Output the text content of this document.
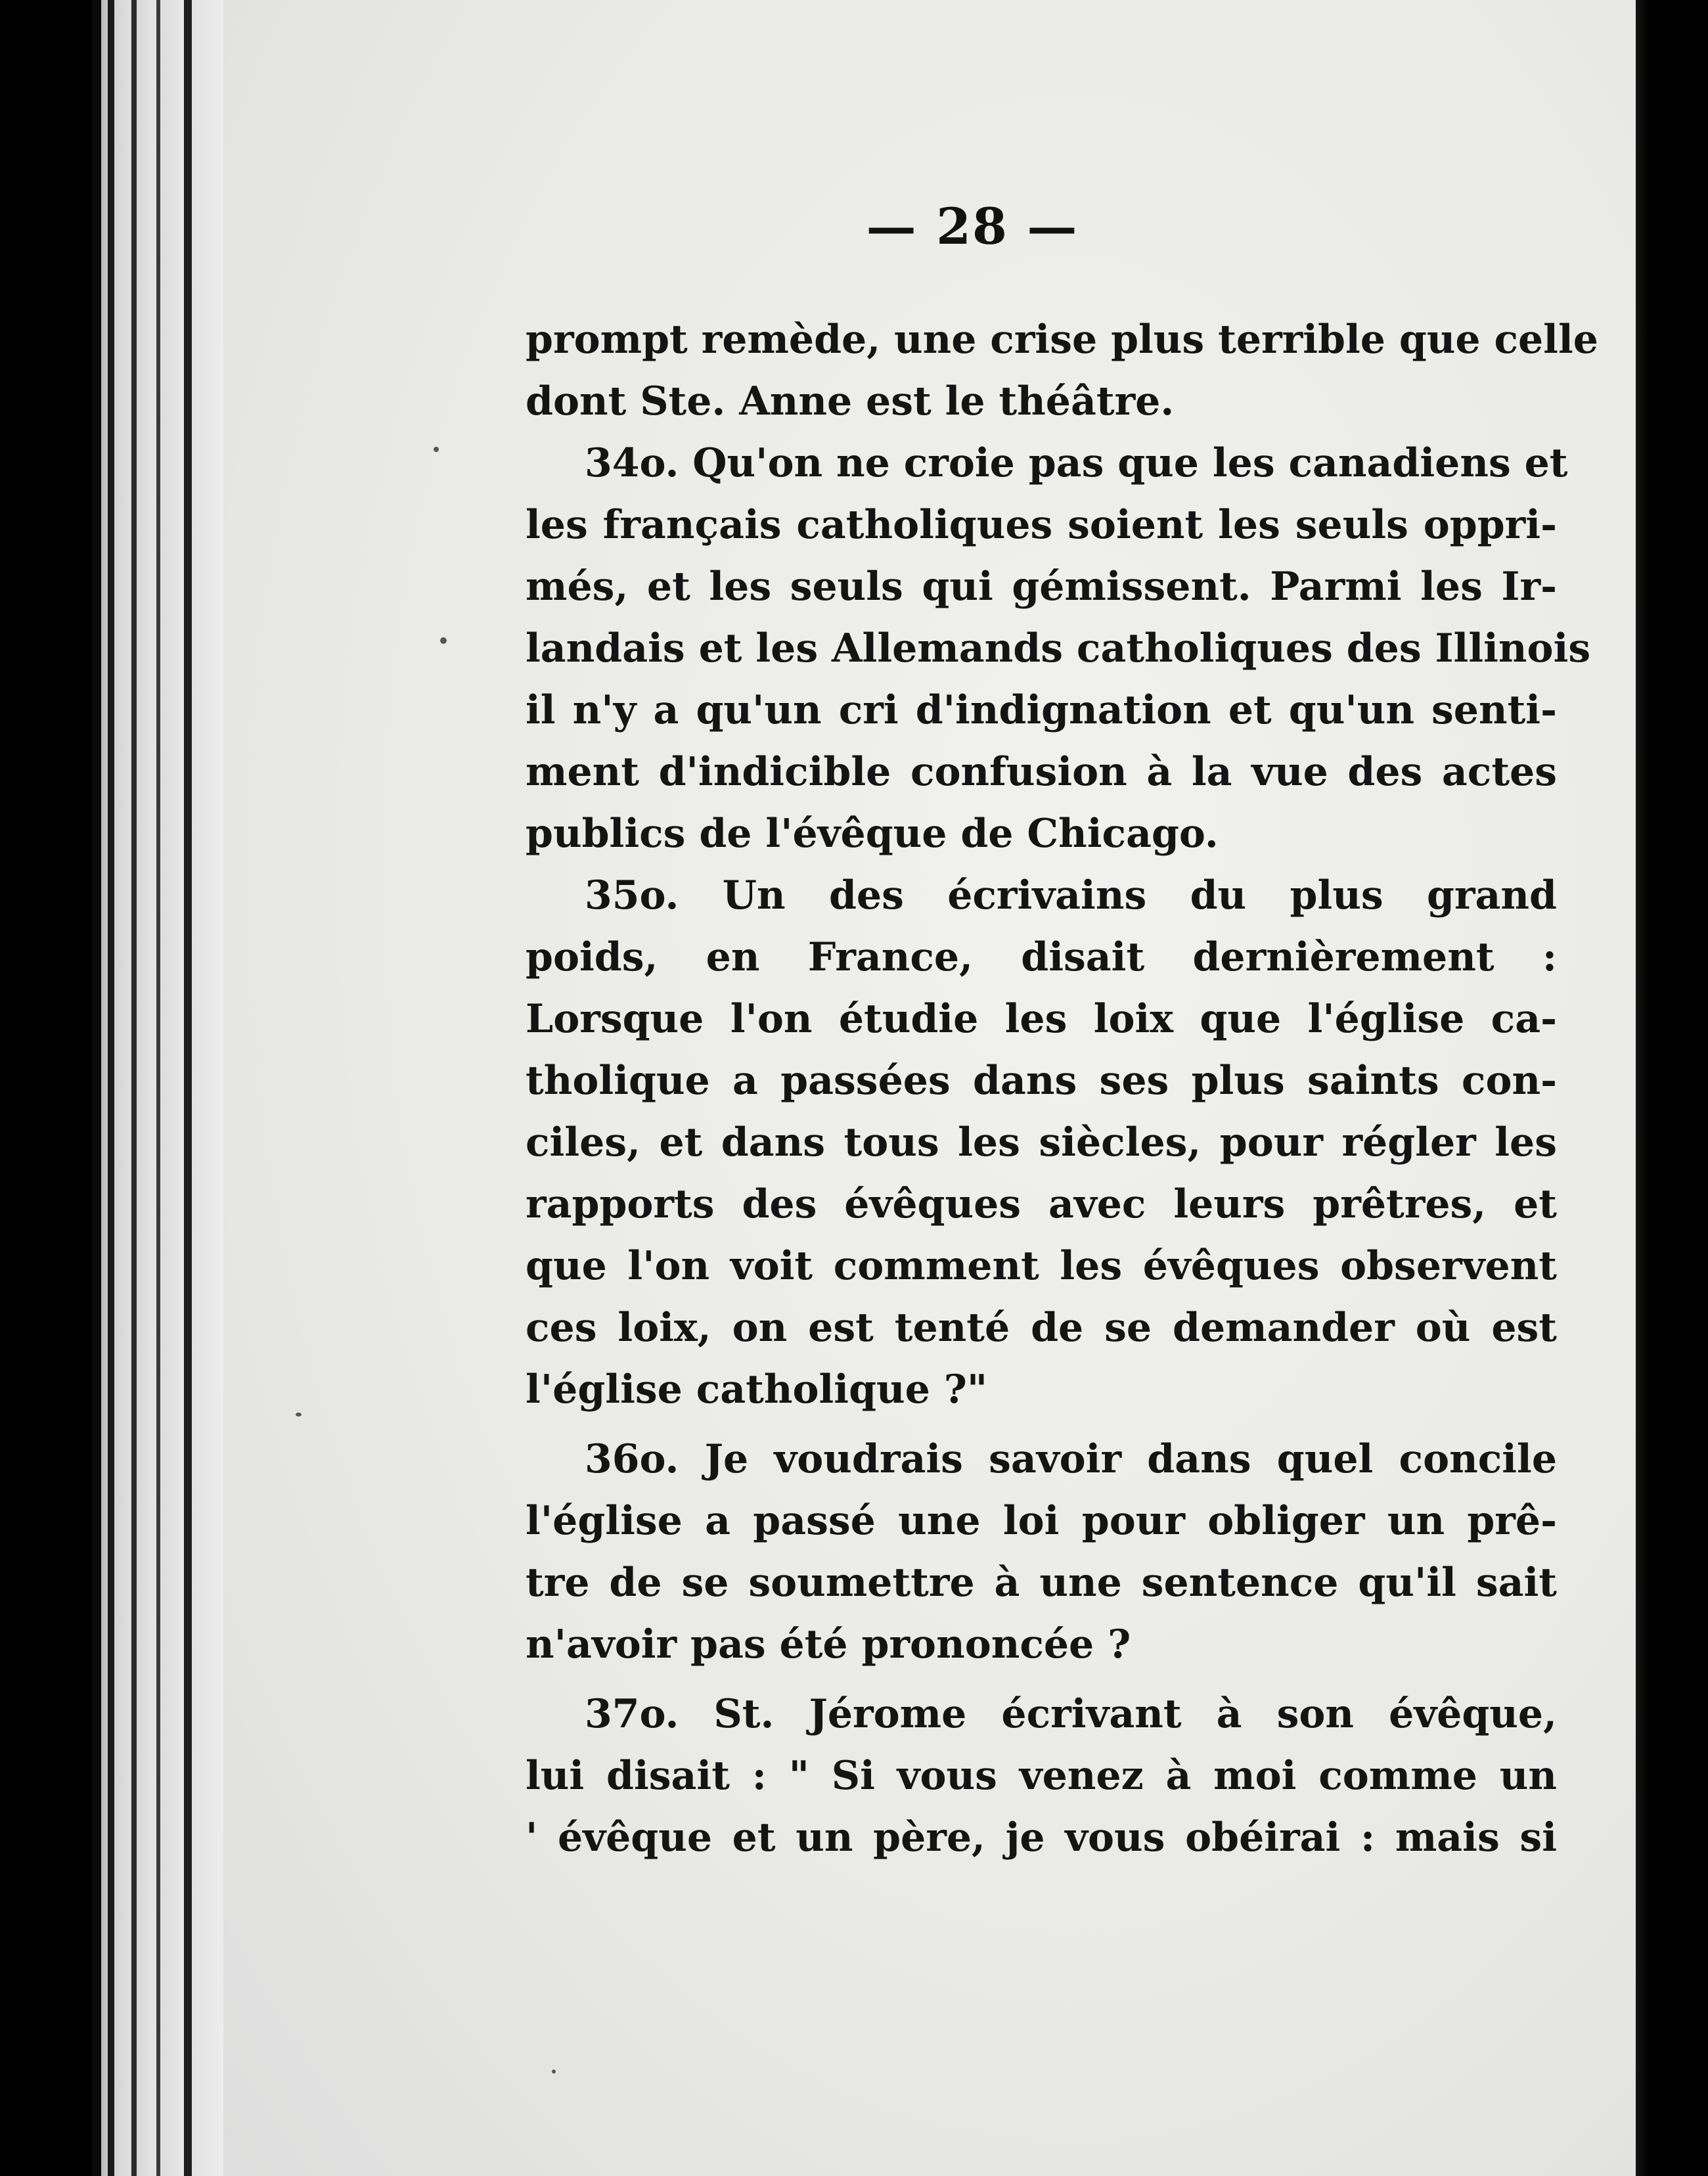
— 28 —
prompt remède, une crise plus terrible que celle
dont Ste. Anne est le théâtre.
34o. Qu'on ne croie pas que les canadiens et
les français catholiques soient les seuls oppri-
més, et les seuls qui gémissent. Parmi les Ir-
landais et les Allemands catholiques des Illinois
il n'y a qu'un cri d'indignation et qu'un senti-
ment d'indicible confusion à la vue des actes
publics de l'évêque de Chicago.
35o. Un des écrivains du plus grand
poids, en France, disait dernièrement :
Lorsque l'on étudie les loix que l'église ca-
tholique a passées dans ses plus saints con-
ciles, et dans tous les siècles, pour régler les
rapports des évêques avec leurs prêtres, et
que l'on voit comment les évêques observent
ces loix, on est tenté de se demander où est
l'église catholique ?"
36o. Je voudrais savoir dans quel concile
l'église a passé une loi pour obliger un prê-
tre de se soumettre à une sentence qu'il sait
n'avoir pas été prononcée ?
37o. St. Jérome écrivant à son évêque,
lui disait : " Si vous venez à moi comme un
' évêque et un père, je vous obéirai : mais si
